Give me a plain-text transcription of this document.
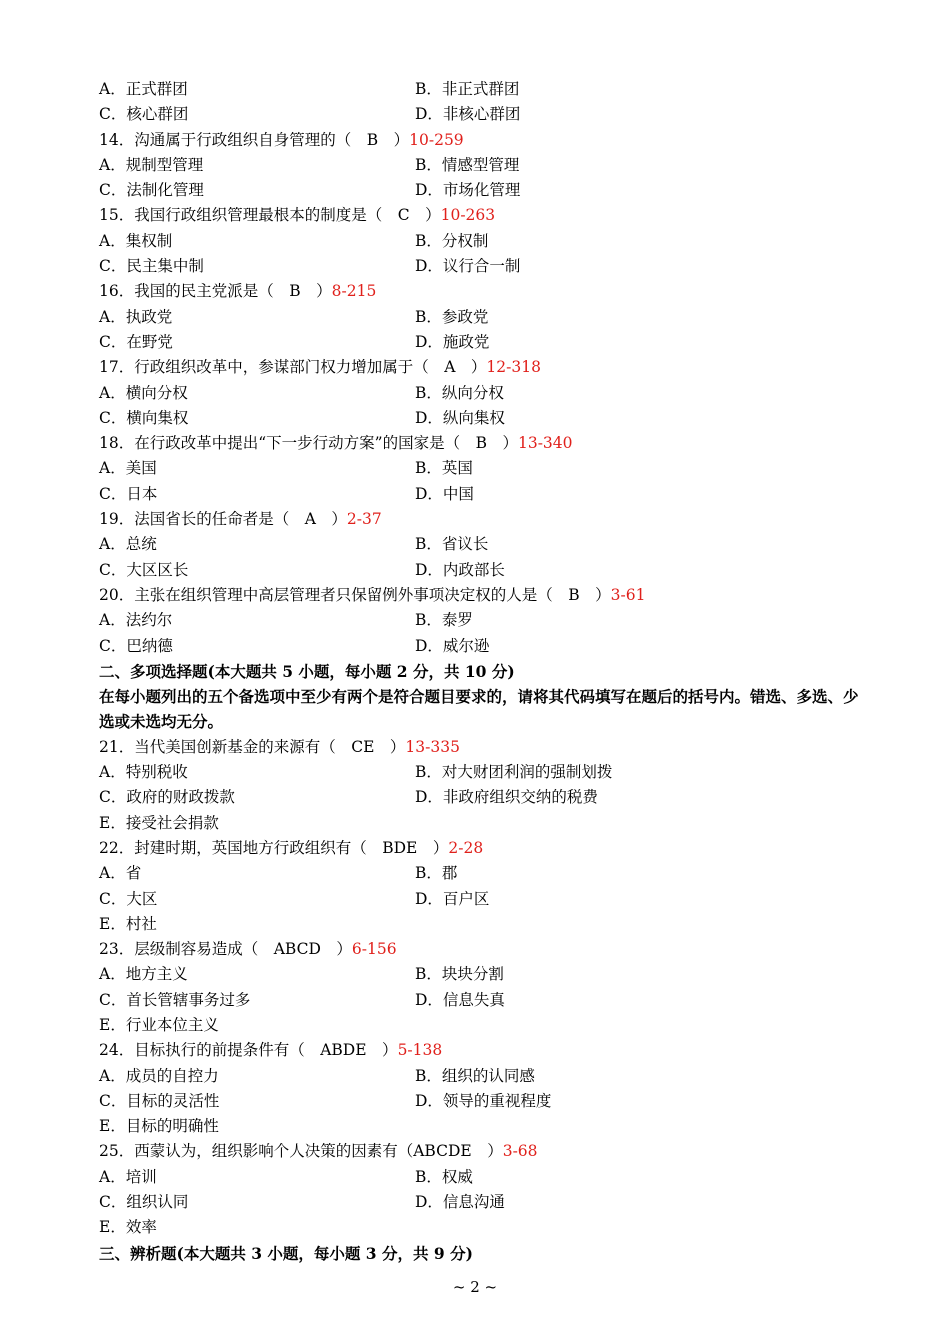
A．正式群团	B．非正式群团
C．核心群团	D．非核心群团
14．沟通属于行政组织自身管理的（　B　）10-259
A．规制型管理	B．情感型管理
C．法制化管理	D．市场化管理
15．我国行政组织管理最根本的制度是（　C　）10-263
A．集权制	B．分权制
C．民主集中制	D．议行合一制
16．我国的民主党派是（　B　）8-215
A．执政党	B．参政党
C．在野党	D．施政党
17．行政组织改革中，参谋部门权力增加属于（　A　）12-318
A．横向分权	B．纵向分权
C．横向集权	D．纵向集权
18．在行政改革中提出“下一步行动方案”的国家是（　B　）13-340
A．美国	B．英国
C．日本	D．中国
19．法国省长的任命者是（　A　）2-37
A．总统	B．省议长
C．大区区长	D．内政部长
20．主张在组织管理中高层管理者只保留例外事项决定权的人是（　B　）3-61
A．法约尔	B．泰罗
C．巴纳德	D．威尔逊
二、多项选择题(本大题共 5 小题，每小题 2 分，共 10 分)
在每小题列出的五个备选项中至少有两个是符合题目要求的，请将其代码填写在题后的括号内。错选、多选、少选或未选均无分。
21．当代美国创新基金的来源有（　CE　）13-335
A．特别税收	B．对大财团利润的强制划拨
C．政府的财政拨款	D．非政府组织交纳的税费
E．接受社会捐款
22．封建时期，英国地方行政组织有（　BDE　）2-28
A．省	B．郡
C．大区	D．百户区
E．村社
23．层级制容易造成（　ABCD　）6-156
A．地方主义	B．块块分割
C．首长管辖事务过多	D．信息失真
E．行业本位主义
24．目标执行的前提条件有（　ABDE　）5-138
A．成员的自控力	B．组织的认同感
C．目标的灵活性	D．领导的重视程度
E．目标的明确性
25．西蒙认为，组织影响个人决策的因素有（ABCDE　）3-68
A．培训	B．权威
C．组织认同	D．信息沟通
E．效率
三、辨析题(本大题共 3 小题，每小题 3 分，共 9 分)
~ 2 ~
